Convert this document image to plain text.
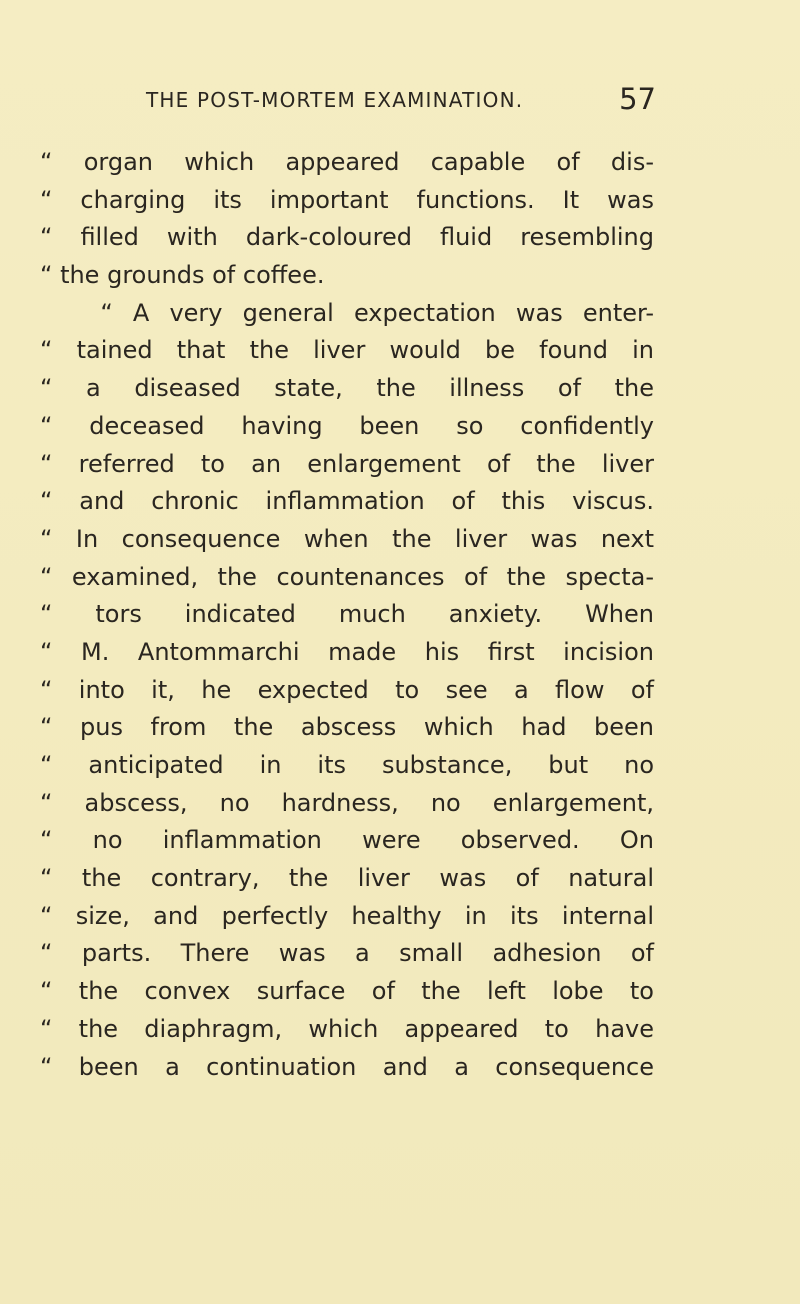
THE POST-MORTEM EXAMINATION.	57
“ organ which appeared capable of dis-
“ charging its important functions. It was
“ filled with dark-coloured fluid resembling
“ the grounds of coffee.
“ A very general expectation was enter-
“ tained that the liver would be found in
“ a diseased state, the illness of the
“ deceased having been so confidently
“ referred to an enlargement of the liver
“ and chronic inflammation of this viscus.
“ In consequence when the liver was next
“ examined, the countenances of the specta-
“ tors indicated much anxiety. When
“ M. Antommarchi made his first incision
“ into it, he expected to see a flow of
“ pus from the abscess which had been
“ anticipated in its substance, but no
“ abscess, no hardness, no enlargement,
“ no inflammation were observed. On
“ the contrary, the liver was of natural
“ size, and perfectly healthy in its internal
“ parts. There was a small adhesion of
“ the convex surface of the left lobe to
“ the diaphragm, which appeared to have
“ been a continuation and a consequence
